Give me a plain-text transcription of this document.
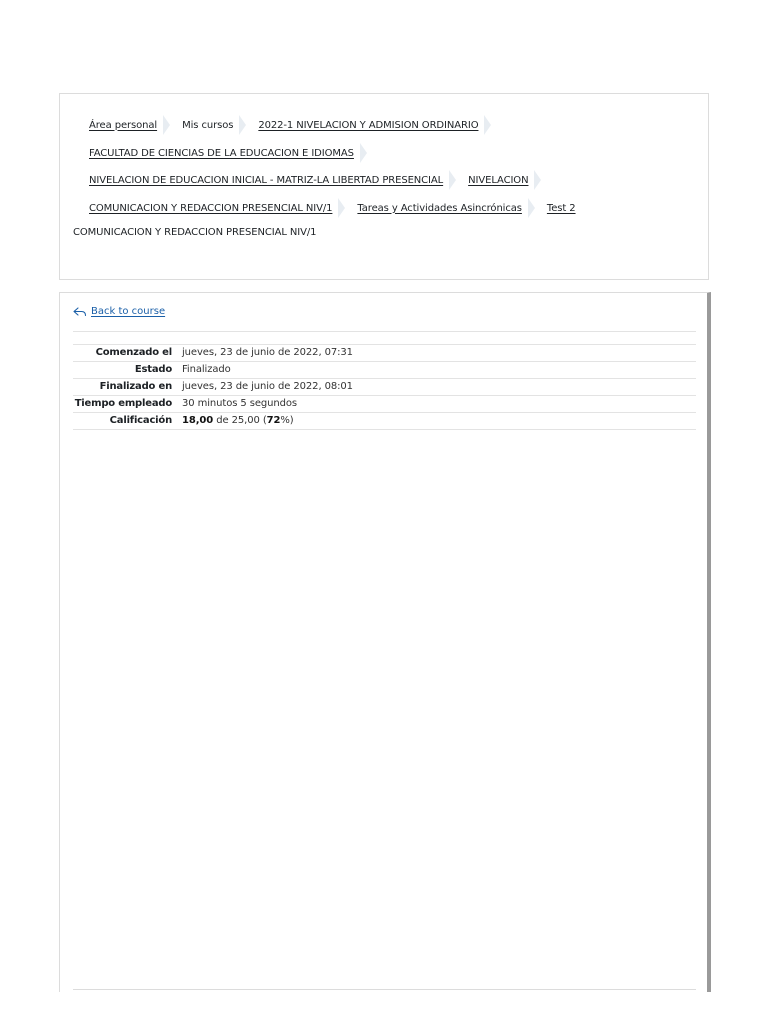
Área personal	Mis cursos	2022-1 NIVELACION Y ADMISION ORDINARIO
FACULTAD DE CIENCIAS DE LA EDUCACION E IDIOMAS
NIVELACION DE EDUCACION INICIAL - MATRIZ-LA LIBERTAD PRESENCIAL	NIVELACION
COMUNICACION Y REDACCION PRESENCIAL NIV/1	Tareas y Actividades Asincrónicas	Test 2
COMUNICACION Y REDACCION PRESENCIAL NIV/1
Back to course
Comenzado el	jueves, 23 de junio de 2022, 07:31
Estado	Finalizado
Finalizado en	jueves, 23 de junio de 2022, 08:01
Tiempo empleado	30 minutos 5 segundos
Calificación	18,00 de 25,00 (72%)
